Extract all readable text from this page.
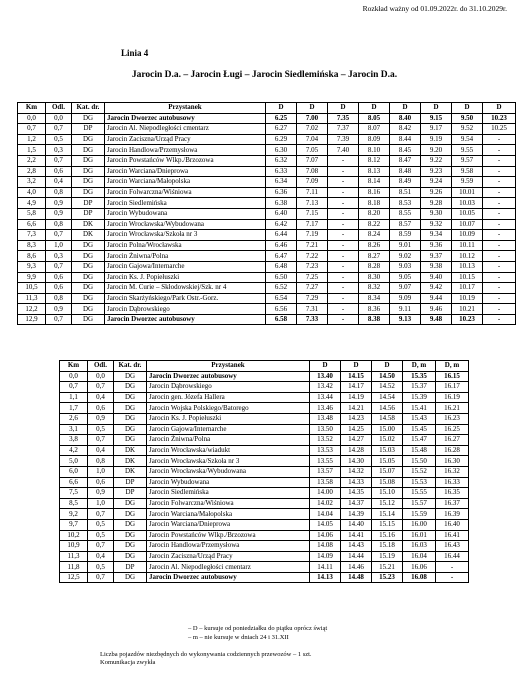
Rozkład ważny od 01.09.2022r. do 31.10.2029r.
Linia 4
Jarocin D.a. – Jarocin Ługi – Jarocin Siedlemińska – Jarocin D.a.
Km	Odl.	Kat. dr.	Przystanek	D	D	D	D	D	D	D	D
0,0	0,0	DG	Jarocin Dworzec autobusowy	6.25	7.00	7.35	8.05	8.40	9.15	9.50	10.23
0,7	0,7	DP	Jarocin Al. Niepodległości cmentarz	6.27	7.02	7.37	8.07	8.42	9.17	9.52	10.25
1,2	0,5	DG	Jarocin Zaciszna/Urząd Pracy	6.29	7.04	7.39	8.09	8.44	9.19	9.54	-
1,5	0,3	DG	Jarocin Handlowa/Przemysłowa	6.30	7.05	7.40	8.10	8.45	9.20	9.55	-
2,2	0,7	DG	Jarocin Powstańców Wlkp./Brzozowa	6.32	7.07	-	8.12	8.47	9.22	9.57	-
2,8	0,6	DG	Jarocin Warciana/Dnieprowa	6.33	7.08	-	8.13	8.48	9.23	9.58	-
3,2	0,4	DG	Jarocin Warciana/Małopolska	6.34	7.09	-	8.14	8.49	9.24	9.59	-
4,0	0,8	DG	Jarocin Folwarczna/Wiśniowa	6.36	7.11	-	8.16	8.51	9.26	10.01	-
4,9	0,9	DP	Jarocin Siedlemińska	6.38	7.13	-	8.18	8.53	9.28	10.03	-
5,8	0,9	DP	Jarocin Wybudowana	6.40	7.15	-	8.20	8.55	9.30	10.05	-
6,6	0,8	DK	Jarocin Wrocławska/Wybudowana	6.42	7.17	-	8.22	8.57	9.32	10.07	-
7,3	0,7	DK	Jarocin Wrocławska/Szkoła nr 3	6.44	7.19	-	8.24	8.59	9.34	10.09	-
8,3	1,0	DG	Jarocin Polna/Wrocławska	6.46	7.21	-	8.26	9.01	9.36	10.11	-
8,6	0,3	DG	Jarocin Żniwna/Polna	6.47	7.22	-	8.27	9.02	9.37	10.12	-
9,3	0,7	DG	Jarocin Gajowa/Internarche	6.48	7.23	-	8.28	9.03	9.38	10.13	-
9,9	0,6	DG	Jarocin Ks. J. Popiełuszki	6.50	7.25	-	8.30	9.05	9.40	10.15	-
10,5	0,6	DG	Jarocin M. Curie – Skłodowskiej/Szk. nr 4	6.52	7.27	-	8.32	9.07	9.42	10.17	-
11,3	0,8	DG	Jarocin Skarżyńskiego/Park Ostr.-Gorz.	6.54	7.29	-	8.34	9.09	9.44	10.19	-
12,2	0,9	DG	Jarocin Dąbrowskiego	6.56	7.31	-	8.36	9.11	9.46	10.21	-
12,9	0,7	DG	Jarocin Dworzec autobusowy	6.58	7.33	-	8.38	9.13	9.48	10.23	-
Km	Odl.	Kat. dr.	Przystanek	D	D	D	D, m	D, m
0,0	0,0	DG	Jarocin Dworzec autobusowy	13.40	14.15	14.50	15.35	16.15
0,7	0,7	DG	Jarocin Dąbrowskiego	13.42	14.17	14.52	15.37	16.17
1,1	0,4	DG	Jarocin gen. Józefa Hallera	13.44	14.19	14.54	15.39	16.19
1,7	0,6	DG	Jarocin Wojska Polskiego/Batorego	13.46	14.21	14.56	15.41	16.21
2,6	0,9	DG	Jarocin Ks. J. Popiełuszki	13.48	14.23	14.58	15.43	16.23
3,1	0,5	DG	Jarocin Gajowa/Internarche	13.50	14.25	15.00	15.45	16.25
3,8	0,7	DG	Jarocin Żniwna/Polna	13.52	14.27	15.02	15.47	16.27
4,2	0,4	DK	Jarocin Wrocławska/wiadukt	13.53	14.28	15.03	15.48	16.28
5,0	0,8	DK	Jarocin Wrocławska/Szkoła nr 3	13.55	14.30	15.05	15.50	16.30
6,0	1,0	DK	Jarocin Wrocławska/Wybudowana	13.57	14.32	15.07	15.52	16.32
6,6	0,6	DP	Jarocin Wybudowana	13.58	14.33	15.08	15.53	16.33
7,5	0,9	DP	Jarocin Siedlemińska	14.00	14.35	15.10	15.55	16.35
8,5	1,0	DG	Jarocin Folwarczna/Wiśniowa	14.02	14.37	15.12	15.57	16.37
9,2	0,7	DG	Jarocin Warciana/Małopolska	14.04	14.39	15.14	15.59	16.39
9,7	0,5	DG	Jarocin Warciana/Dnieprowa	14.05	14.40	15.15	16.00	16.40
10,2	0,5	DG	Jarocin Powstańców Wlkp./Brzozowa	14.06	14.41	15.16	16.01	16.41
10,9	0,7	DG	Jarocin Handlowa/Przemysłowa	14.08	14.43	15.18	16.03	16.43
11,3	0,4	DG	Jarocin Zaciszna/Urząd Pracy	14.09	14.44	15.19	16.04	16.44
11,8	0,5	DP	Jarocin Al. Niepodległości cmentarz	14.11	14.46	15.21	16.06	-
12,5	0,7	DG	Jarocin Dworzec autobusowy	14.13	14.48	15.23	16.08	-
– D – kursuje od poniedziałku do piątku oprócz świąt
– m – nie kursuje w dniach 24 i 31.XII
Liczba pojazdów niezbędnych do wykonywania codziennych przewozów – 1 szt.
Komunikacja zwykła
